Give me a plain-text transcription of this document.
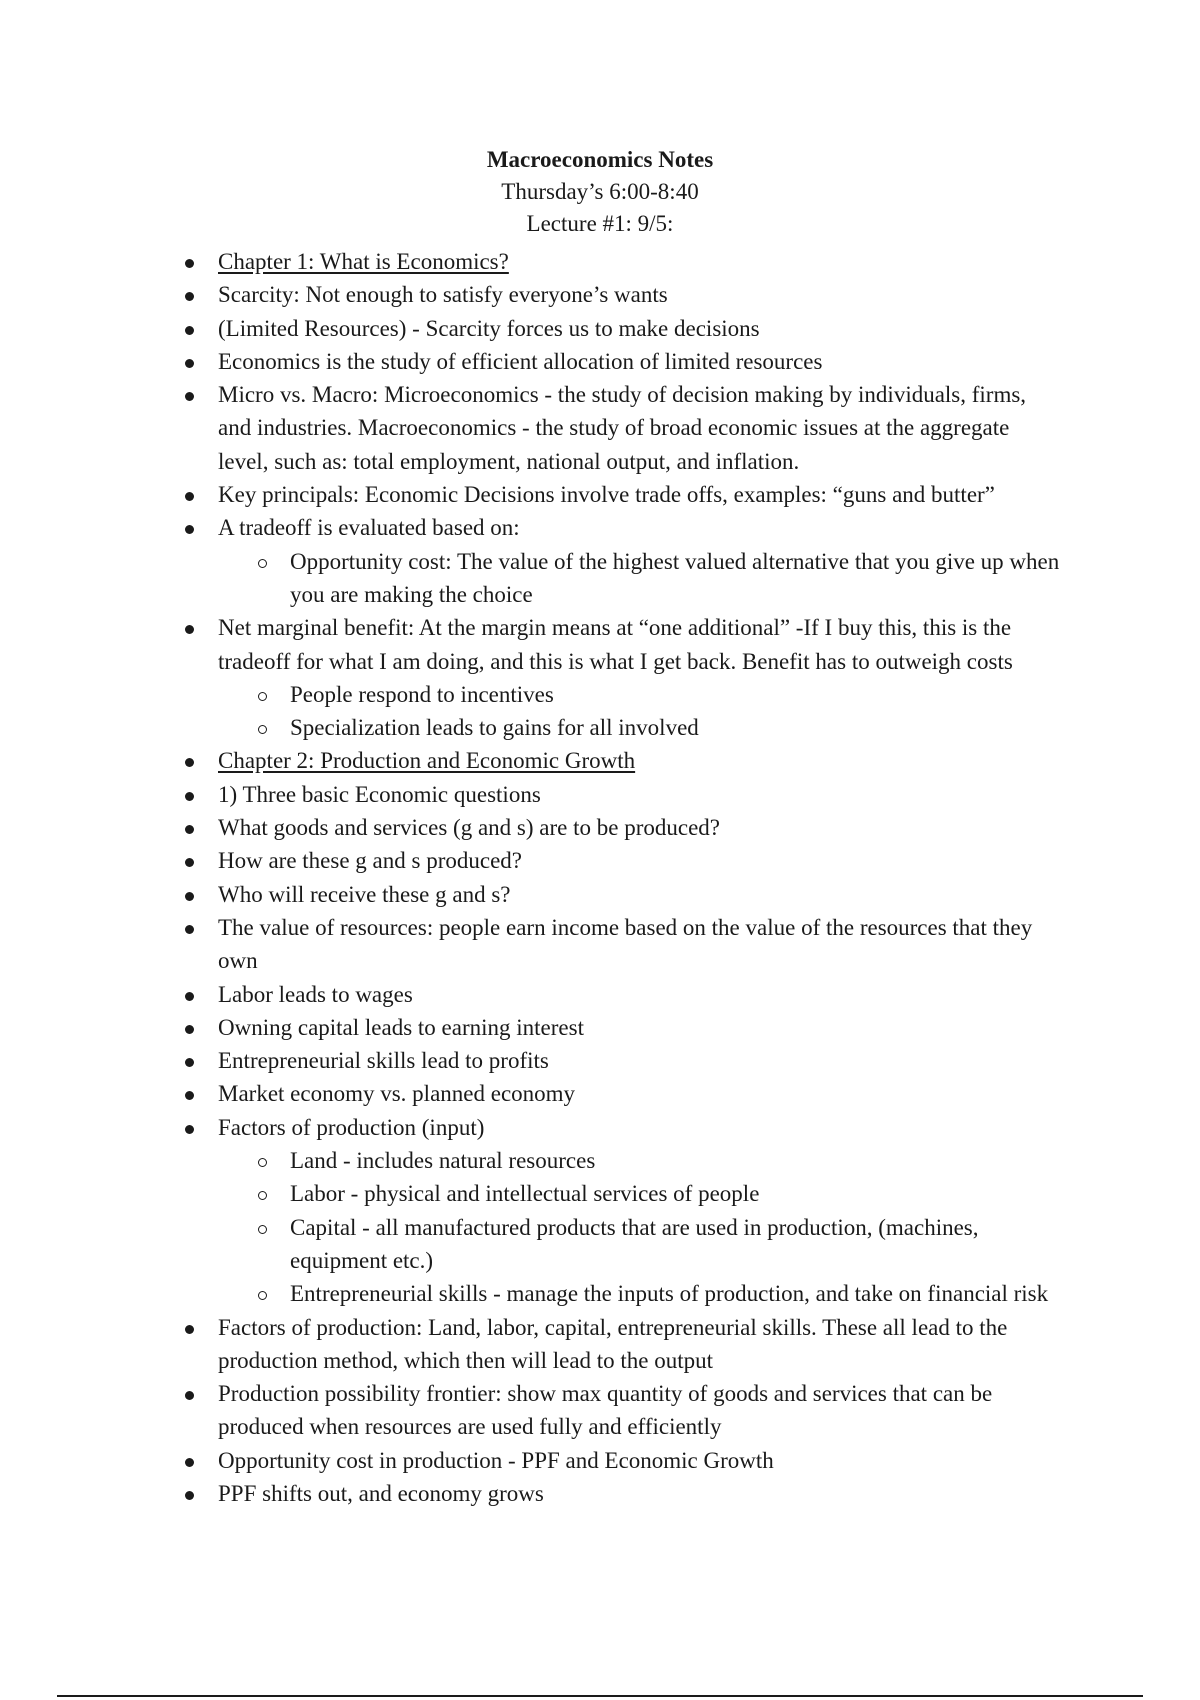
Macroeconomics Notes
Thursday’s 6:00-8:40
Lecture #1: 9/5:
Chapter 1: What is Economics?
Scarcity: Not enough to satisfy everyone’s wants
(Limited Resources) - Scarcity forces us to make decisions
Economics is the study of efficient allocation of limited resources
Micro vs. Macro: Microeconomics - the study of decision making by individuals, firms, and industries. Macroeconomics - the study of broad economic issues at the aggregate level, such as: total employment, national output, and inflation.
Key principals: Economic Decisions involve trade offs, examples: “guns and butter”
A tradeoff is evaluated based on:
Opportunity cost: The value of the highest valued alternative that you give up when you are making the choice
Net marginal benefit: At the margin means at “one additional” -If I buy this, this is the tradeoff for what I am doing, and this is what I get back. Benefit has to outweigh costs
People respond to incentives
Specialization leads to gains for all involved
Chapter 2: Production and Economic Growth
1) Three basic Economic questions
What goods and services (g and s) are to be produced?
How are these g and s produced?
Who will receive these g and s?
The value of resources: people earn income based on the value of the resources that they own
Labor leads to wages
Owning capital leads to earning interest
Entrepreneurial skills lead to profits
Market economy vs. planned economy
Factors of production (input)
Land - includes natural resources
Labor - physical and intellectual services of people
Capital - all manufactured products that are used in production, (machines, equipment etc.)
Entrepreneurial skills - manage the inputs of production, and take on financial risk
Factors of production: Land, labor, capital, entrepreneurial skills. These all lead to the production method, which then will lead to the output
Production possibility frontier: show max quantity of goods and services that can be produced when resources are used fully and efficiently
Opportunity cost in production - PPF and Economic Growth
PPF shifts out, and economy grows
